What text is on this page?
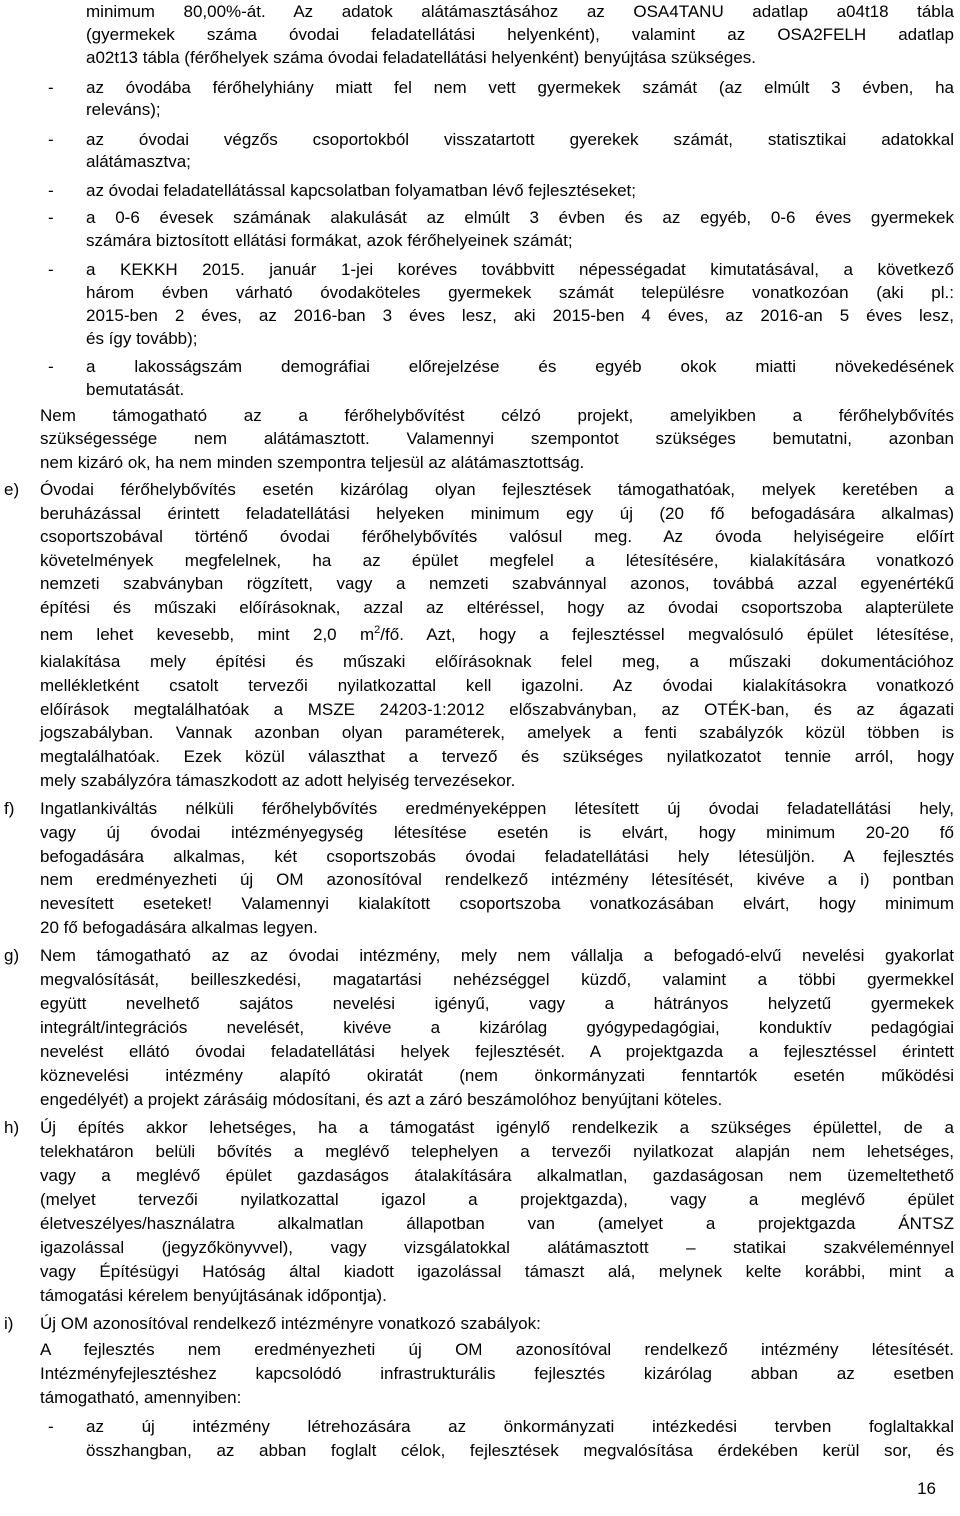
minimum 80,00%-át. Az adatok alátámasztásához az OSA4TANU adatlap a04t18 tábla
(gyermekek száma óvodai feladatellátási helyenként), valamint az OSA2FELH adatlap
a02t13 tábla (férőhelyek száma óvodai feladatellátási helyenként) benyújtása szükséges.
- az óvodába férőhelyhiány miatt fel nem vett gyermekek számát (az elmúlt 3 évben, ha
releváns);
- az óvodai végzős csoportokból visszatartott gyerekek számát, statisztikai adatokkal
alátámasztva;
- az óvodai feladatellátással kapcsolatban folyamatban lévő fejlesztéseket;
- a 0-6 évesek számának alakulását az elmúlt 3 évben és az egyéb, 0-6 éves gyermekek
számára biztosított ellátási formákat, azok férőhelyeinek számát;
- a KEKKH 2015. január 1-jei koréves továbbvitt népességadat kimutatásával, a következő
három évben várható óvodaköteles gyermekek számát településre vonatkozóan (aki pl.:
2015-ben 2 éves, az 2016-ban 3 éves lesz, aki 2015-ben 4 éves, az 2016-an 5 éves lesz,
és így tovább);
- a lakosságszám demográfiai előrejelzése és egyéb okok miatti növekedésének
bemutatását.
Nem támogatható az a férőhelybővítést célzó projekt, amelyikben a férőhelybővítés
szükségessége nem alátámasztott. Valamennyi szempontot szükséges bemutatni, azonban
nem kizáró ok, ha nem minden szempontra teljesül az alátámasztottság.
e) Óvodai férőhelybővítés esetén kizárólag olyan fejlesztések támogathatóak, melyek keretében a
beruházással érintett feladatellátási helyeken minimum egy új (20 fő befogadására alkalmas)
csoportszobával történő óvodai férőhelybővítés valósul meg. Az óvoda helyiségeire előírt
követelmények megfelelnek, ha az épület megfelel a létesítésére, kialakítására vonatkozó
nemzeti szabványban rögzített, vagy a nemzeti szabvánnyal azonos, továbbá azzal egyenértékű
építési és műszaki előírásoknak, azzal az eltéréssel, hogy az óvodai csoportszoba alapterülete
nem lehet kevesebb, mint 2,0 $m^2/fő$. Azt, hogy a fejlesztéssel megvalósuló épület létesítése,
kialakítása mely építési és műszaki előírásoknak felel meg, a műszaki dokumentációhoz
mellékletként csatolt tervezői nyilatkozattal kell igazolni. Az óvodai kialakításokra vonatkozó
előírások megtalálhatóak a MSZE 24203-1:2012 előszabványban, az OTÉK-ban, és az ágazati
jogszabályban. Vannak azonban olyan paraméterek, amelyek a fenti szabályzók közül többen is
megtalálhatóak. Ezek közül választhat a tervező és szükséges nyilatkozatot tennie arról, hogy
mely szabályzóra támaszkodott az adott helyiség tervezésekor.
f) Ingatlankiváltás nélküli férőhelybővítés eredményeképpen létesített új óvodai feladatellátási hely,
vagy új óvodai intézményegység létesítése esetén is elvárt, hogy minimum 20-20 fő
befogadására alkalmas, két csoportszobás óvodai feladatellátási hely létesüljön. A fejlesztés
nem eredményezheti új OM azonosítóval rendelkező intézmény létesítését, kivéve a i) pontban
nevesített eseteket! Valamennyi kialakított csoportszoba vonatkozásában elvárt, hogy minimum
20 fő befogadására alkalmas legyen.
g) Nem támogatható az az óvodai intézmény, mely nem vállalja a befogadó-elvű nevelési gyakorlat
megvalósítását, beilleszkedési, magatartási nehézséggel küzdő, valamint a többi gyermekkel
együtt nevelhető sajátos nevelési igényű, vagy a hátrányos helyzetű gyermekek
integrált/integrációs nevelését, kivéve a kizárólag gyógypedagógiai, konduktív pedagógiai
nevelést ellátó óvodai feladatellátási helyek fejlesztését. A projektgazda a fejlesztéssel érintett
köznevelési intézmény alapító okiratát (nem önkormányzati fenntartók esetén működési
engedélyét) a projekt zárásáig módosítani, és azt a záró beszámolóhoz benyújtani köteles.
h) Új építés akkor lehetséges, ha a támogatást igénylő rendelkezik a szükséges épülettel, de a
telekhatáron belüli bővítés a meglévő telephelyen a tervezői nyilatkozat alapján nem lehetséges,
vagy a meglévő épület gazdaságos átalakítására alkalmatlan, gazdaságosan nem üzemeltethető
(melyet tervezői nyilatkozattal igazol a projektgazda), vagy a meglévő épület
életveszélyes/használatra alkalmatlan állapotban van (amelyet a projektgazda ÁNTSZ
igazolással (jegyzőkönyvvel), vagy vizsgálatokkal alátámasztott – statikai szakvéleménnyel
vagy Építésügyi Hatóság által kiadott igazolással támaszt alá, melynek kelte korábbi, mint a
támogatási kérelem benyújtásának időpontja).
i) Új OM azonosítóval rendelkező intézményre vonatkozó szabályok:
A fejlesztés nem eredményezheti új OM azonosítóval rendelkező intézmény létesítését.
Intézményfejlesztéshez kapcsolódó infrastrukturális fejlesztés kizárólag abban az esetben
támogatható, amennyiben:
- az új intézmény létrehozására az önkormányzati intézkedési tervben foglaltakkal
összhangban, az abban foglalt célok, fejlesztések megvalósítása érdekében kerül sor, és
16
